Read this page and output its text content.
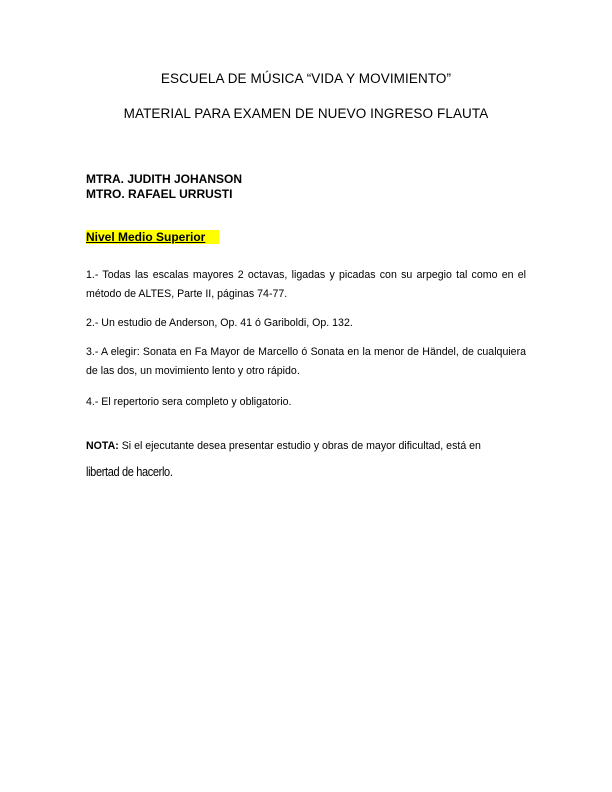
ESCUELA DE MÚSICA “VIDA Y MOVIMIENTO”
MATERIAL PARA EXAMEN DE NUEVO INGRESO FLAUTA
MTRA. JUDITH JOHANSON
MTRO. RAFAEL URRUSTI
Nivel Medio Superior
1.- Todas las escalas mayores 2 octavas, ligadas y picadas con su arpegio tal como en el método de ALTES, Parte II, páginas 74-77.
2.- Un estudio de Anderson, Op. 41 ó Gariboldi, Op. 132.
3.- A elegir: Sonata en Fa Mayor de Marcello ó Sonata en la menor de Händel, de cualquiera de las dos, un movimiento lento y otro rápido.
4.- El repertorio sera completo y obligatorio.
NOTA: Si el ejecutante desea presentar estudio y obras de mayor dificultad, está en
libertad de hacerlo.
